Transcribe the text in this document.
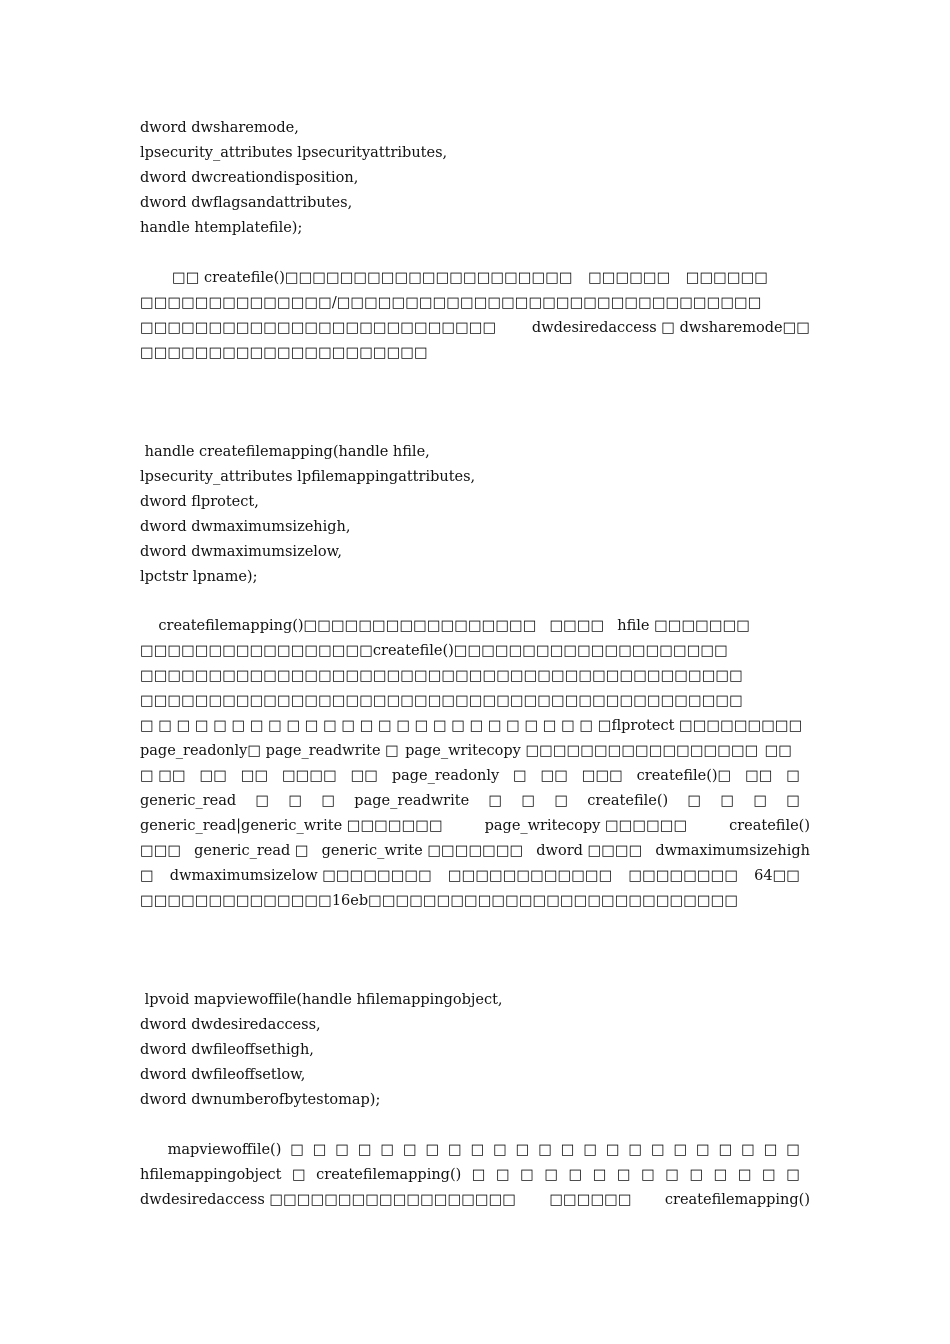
dword dwsharemode,
lpsecurity_attributes lpsecurityattributes,
dword dwcreationdisposition,
dword dwflagsandattributes,
handle htemplatefile);
□□ createfile()□□□□□□□□□□□□□□□□□□□□□ □□□□□□ □□□□□□
□□□□□□□ □□□□□□□ /□□□□□□□□□□□□ □□□□□□□□□ □□□□□□□□□□
□□□□□□□□□□□□□□□□□□□□□□□□□□ dwdesiredaccess □ dwsharemode□□
□□□□□□□□□□□□□□□□□□□□□
handle createfilemapping(handle hfile,
lpsecurity_attributes lpfilemappingattributes,
dword flprotect,
dword dwmaximumsizehigh,
dword dwmaximumsizelow,
lpctstr lpname);
createfilemapping()□□□□□□□□□□□□□□□□□ □□□□ hfile □□□□□□□
□□□□□□□□□□□□□□□□□ createfile()□□□□□□□□□ □□□□□□□□□□□
□□□□□□□□□□□□□□□□□□□□□□□□□□□□□□□□□□□□□□□□□□□□
□□□□□□□□□□□□□□□□□□□□□□□□□□□□□□□□□□□□□□□□□□□□
□ □ □ □ □ □ □ □ □ □ □ □ □ □ □ □ □ □ □ □ □ □ □ □ □ □ flprotect □□□□□□□□□
page_readonly□ page_readwrite □ page_writecopy □□□□□□□□□□□□□□□□□ □□
□ □□ □□ □□ □□□□ □□ page_readonly □ □□ □□□ createfile()□ □□ □
generic_read □ □ □ page_readwrite □ □ □ createfile() □ □ □ □
generic_read|generic_write □□□□□□□	page_writecopy □□□□□□	createfile()
□□□ generic_read □ generic_write □□□□□□□ dword □□□□ dwmaximumsizehigh
□ dwmaximumsizelow □□□□□□□□ □□□□□□□□□□□□ □□□□□□□□ 64□□
□□□□□□□□□□□□□□ 16eb□□□□□□□□□□□□□□□□□□□□□□□□□□□
lpvoid mapviewoffile(handle hfilemappingobject,
dword dwdesiredaccess,
dword dwfileoffsethigh,
dword dwfileoffsetlow,
dword dwnumberofbytestomap);
mapviewoffile() □ □ □ □ □ □ □ □ □ □ □ □ □ □ □ □ □ □ □ □ □ □ □
hfilemappingobject □ createfilemapping() □ □ □ □ □ □ □ □ □ □ □ □ □ □
dwdesiredaccess □□□□□□□□□□□□□□□□□□ □□□□□□ createfilemapping()
